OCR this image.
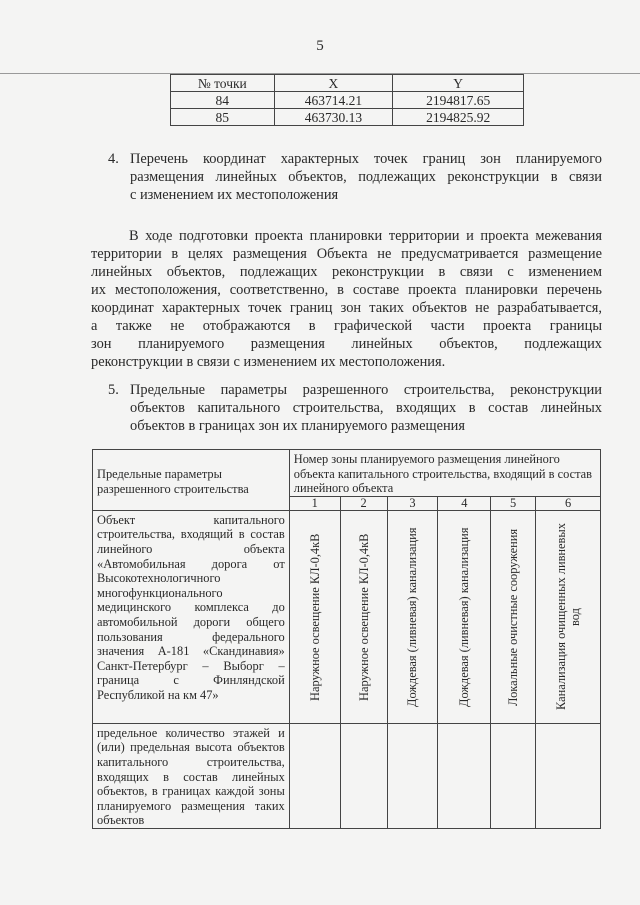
5
№ точки	X	Y
84	463714.21	2194817.65
85	463730.13	2194825.92
4. Перечень координат характерных точек границ зон планируемого
размещения линейных объектов, подлежащих реконструкции в связи
с изменением их местоположения
В ходе подготовки проекта планировки территории и проекта межевания
территории в целях размещения Объекта не предусматривается размещение
линейных объектов, подлежащих реконструкции в связи с изменением
их местоположения, соответственно, в составе проекта планировки перечень
координат характерных точек границ зон таких объектов не разрабатывается,
а также не отображаются в графической части проекта границы
зон планируемого размещения линейных объектов, подлежащих
реконструкции в связи с изменением их местоположения.
5. Предельные параметры разрешенного строительства, реконструкции
объектов капитального строительства, входящих в состав линейных
объектов в границах зон их планируемого размещения
Предельные параметры разрешенного строительства	Номер зоны планируемого размещения линейного объекта капитального строительства, входящий в состав линейного объекта					
	1	2	3	4	5	6
Объект капитального строительства, входящий в состав линейного объекта «Автомобильная дорога от Высокотехнологичного многофункционального медицинского комплекса до автомобильной дороги общего пользования федерального значения А-181 «Скандинавия» Санкт-Петербург – Выборг – граница с Финляндской Республикой на км 47»	Наружное освещение КЛ-0,4кВ	Наружное освещение КЛ-0,4кВ	Дождевая (ливневая) канализация	Дождевая (ливневая) канализация	Локальные очистные сооружения	Канализация очищенных ливневых вод

предельное количество этажей и (или) предельная высота объектов капитального строительства, входящих в состав линейных объектов, в границах каждой зоны планируемого размещения таких объектов						
